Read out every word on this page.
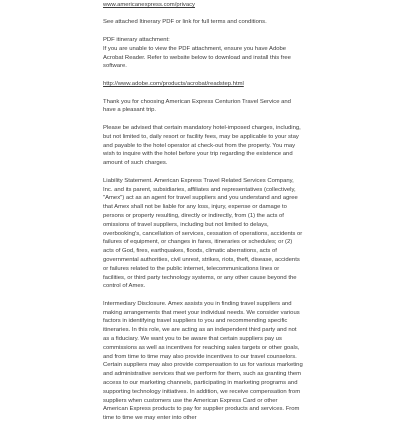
www.americanexpress.com/privacy

See attached Itinerary PDF or link for full terms and conditions.

PDF itinerary attachment:
If you are unable to view the PDF attachment, ensure you have Adobe Acrobat Reader. Refer to website below to download and install this free software.

http://www.adobe.com/products/acrobat/readstep.html

Thank you for choosing American Express Centurion Travel Service and have a pleasant trip.

Please be advised that certain mandatory hotel-imposed charges, including, but not limited to, daily resort or facility fees, may be applicable to your stay and payable to the hotel operator at check-out from the property. You may wish to inquire with the hotel before your trip regarding the existence and amount of such charges.

Liability Statement. American Express Travel Related Services Company, Inc. and its parent, subsidiaries, affiliates and representatives (collectively, "Amex") act as an agent for travel suppliers and you understand and agree that Amex shall not be liable for any loss, injury, expense or damage to persons or property resulting, directly or indirectly, from (1) the acts of omissions of travel suppliers, including but not limited to delays, overbooking's, cancellation of services, cessation of operations, accidents or failures of equipment, or changes in fares, itineraries or schedules; or (2) acts of God, fires, earthquakes, floods, climatic aberrations, acts of governmental authorities, civil unrest, strikes, riots, theft, disease, accidents or failures related to the public internet, telecommunications lines or facilities, or third party technology systems, or any other cause beyond the control of Amex.

Intermediary Disclosure. Amex assists you in finding travel suppliers and making arrangements that meet your individual needs. We consider various factors in identifying travel suppliers to you and recommending specific itineraries. In this role, we are acting as an independent third party and not as a fiduciary. We want you to be aware that certain suppliers pay us commissions as well as incentives for reaching sales targets or other goals, and from time to time may also provide incentives to our travel counselors. Certain suppliers may also provide compensation to us for various marketing and administrative services that we perform for them, such as granting them access to our marketing channels, participating in marketing programs and supporting technology initiatives. In addition, we receive compensation from suppliers when customers use the American Express Card or other American Express products to pay for supplier products and services. From time to time we may enter into other
